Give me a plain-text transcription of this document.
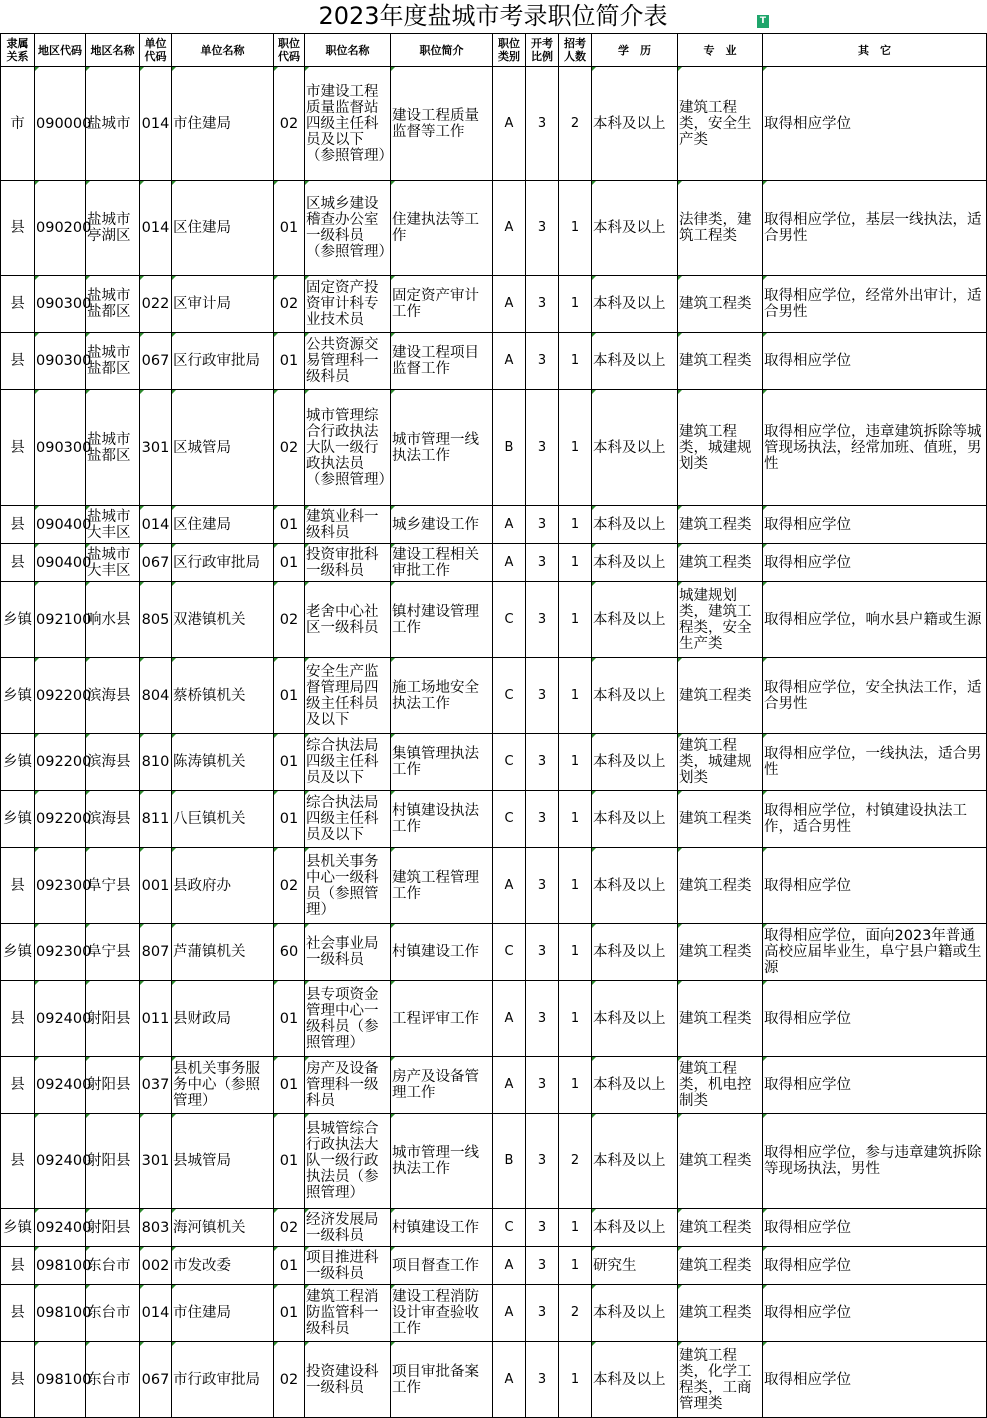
2023年度盐城市考录职位简介表	T
隶属关系	地区代码	地区名称	单位代码	单位名称	职位代码	职位名称	职位简介	职位类别	开考比例	招考人数	学　历	专　业	其　它
市	090000	盐城市	014	市住建局	02	市建设工程质量监督站四级主任科员及以下（参照管理）	建设工程质量监督等工作	A	3	2	本科及以上	建筑工程类，安全生产类	取得相应学位
县	090200	盐城市亭湖区	014	区住建局	01	区城乡建设稽查办公室一级科员（参照管理）	住建执法等工作	A	3	1	本科及以上	法律类，建筑工程类	取得相应学位，基层一线执法，适合男性
县	090300	盐城市盐都区	022	区审计局	02	固定资产投资审计科专业技术员	固定资产审计工作	A	3	1	本科及以上	建筑工程类	取得相应学位，经常外出审计，适合男性
县	090300	盐城市盐都区	067	区行政审批局	01	公共资源交易管理科一级科员	建设工程项目监督工作	A	3	1	本科及以上	建筑工程类	取得相应学位
县	090300	盐城市盐都区	301	区城管局	02	城市管理综合行政执法大队一级行政执法员（参照管理）	城市管理一线执法工作	B	3	1	本科及以上	建筑工程类，城建规划类	取得相应学位，违章建筑拆除等城管现场执法，经常加班、值班，男性
县	090400	盐城市大丰区	014	区住建局	01	建筑业科一级科员	城乡建设工作	A	3	1	本科及以上	建筑工程类	取得相应学位
县	090400	盐城市大丰区	067	区行政审批局	01	投资审批科一级科员	建设工程相关审批工作	A	3	1	本科及以上	建筑工程类	取得相应学位
乡镇	092100	响水县	805	双港镇机关	02	老舍中心社区一级科员	镇村建设管理工作	C	3	1	本科及以上	城建规划类，建筑工程类，安全生产类	取得相应学位，响水县户籍或生源
乡镇	092200	滨海县	804	蔡桥镇机关	01	安全生产监督管理局四级主任科员及以下	施工场地安全执法工作	C	3	1	本科及以上	建筑工程类	取得相应学位，安全执法工作，适合男性
乡镇	092200	滨海县	810	陈涛镇机关	01	综合执法局四级主任科员及以下	集镇管理执法工作	C	3	1	本科及以上	建筑工程类，城建规划类	取得相应学位，一线执法，适合男性
乡镇	092200	滨海县	811	八巨镇机关	01	综合执法局四级主任科员及以下	村镇建设执法工作	C	3	1	本科及以上	建筑工程类	取得相应学位，村镇建设执法工作，适合男性
县	092300	阜宁县	001	县政府办	02	县机关事务中心一级科员（参照管理）	建筑工程管理工作	A	3	1	本科及以上	建筑工程类	取得相应学位
乡镇	092300	阜宁县	807	芦蒲镇机关	60	社会事业局一级科员	村镇建设工作	C	3	1	本科及以上	建筑工程类	取得相应学位，面向2023年普通高校应届毕业生，阜宁县户籍或生源
县	092400	射阳县	011	县财政局	01	县专项资金管理中心一级科员（参照管理）	工程评审工作	A	3	1	本科及以上	建筑工程类	取得相应学位
县	092400	射阳县	037	县机关事务服务中心（参照管理）	01	房产及设备管理科一级科员	房产及设备管理工作	A	3	1	本科及以上	建筑工程类，机电控制类	取得相应学位
县	092400	射阳县	301	县城管局	01	县城管综合行政执法大队一级行政执法员（参照管理）	城市管理一线执法工作	B	3	2	本科及以上	建筑工程类	取得相应学位，参与违章建筑拆除等现场执法，男性
乡镇	092400	射阳县	803	海河镇机关	02	经济发展局一级科员	村镇建设工作	C	3	1	本科及以上	建筑工程类	取得相应学位
县	098100	东台市	002	市发改委	01	项目推进科一级科员	项目督查工作	A	3	1	研究生	建筑工程类	取得相应学位
县	098100	东台市	014	市住建局	01	建筑工程消防监管科一级科员	建设工程消防设计审查验收工作	A	3	2	本科及以上	建筑工程类	取得相应学位
县	098100	东台市	067	市行政审批局	02	投资建设科一级科员	项目审批备案工作	A	3	1	本科及以上	建筑工程类，化学工程类，工商管理类	取得相应学位
